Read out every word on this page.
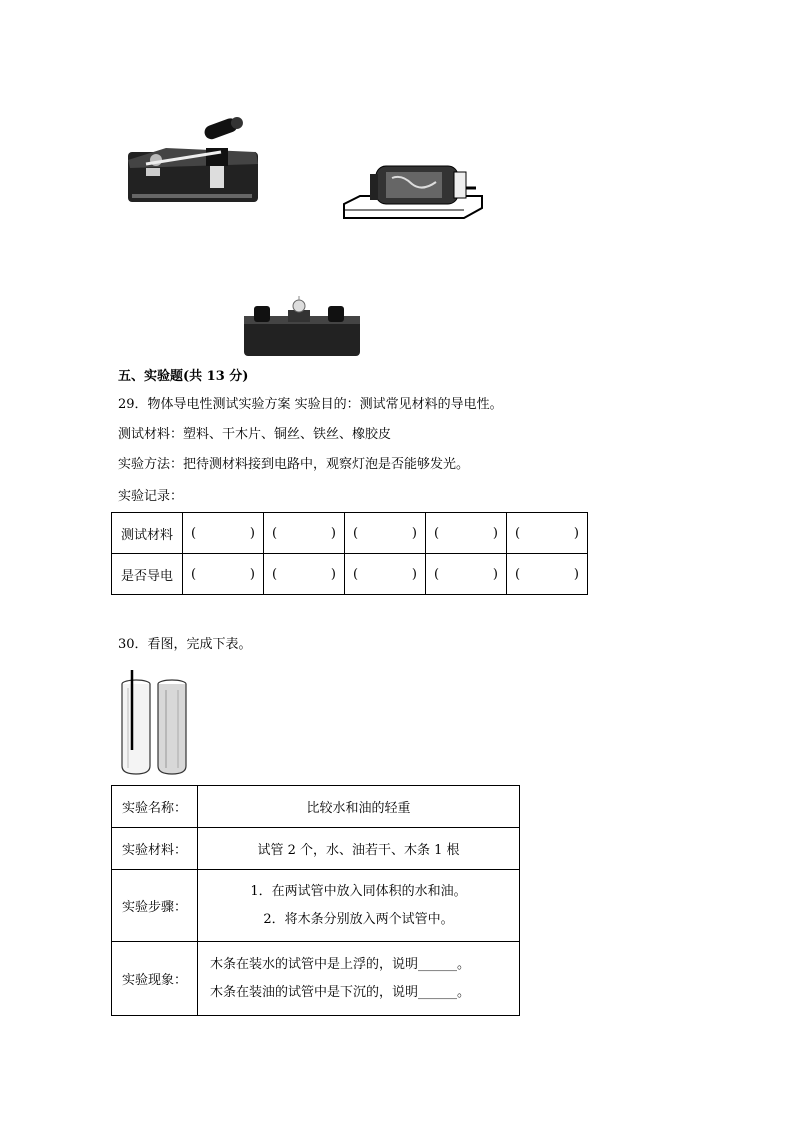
五、实验题(共 13 分)
29．物体导电性测试实验方案 实验目的：测试常见材料的导电性。
测试材料：塑料、干木片、铜丝、铁丝、橡胶皮
实验方法：把待测材料接到电路中，观察灯泡是否能够发光。
实验记录：
测试材料	( )	( )	( )	( )	( )

是否导电	( )	( )	( )	( )	( )
30．看图，完成下表。
实验名称：	比较水和油的轻重
实验材料：	试管 2 个，水、油若干、木条 1 根
实验步骤：	1．在两试管中放入同体积的水和油。
2．将木条分别放入两个试管中。

实验现象：	木条在装水的试管中是上浮的，说明______。
木条在装油的试管中是下沉的，说明______。
